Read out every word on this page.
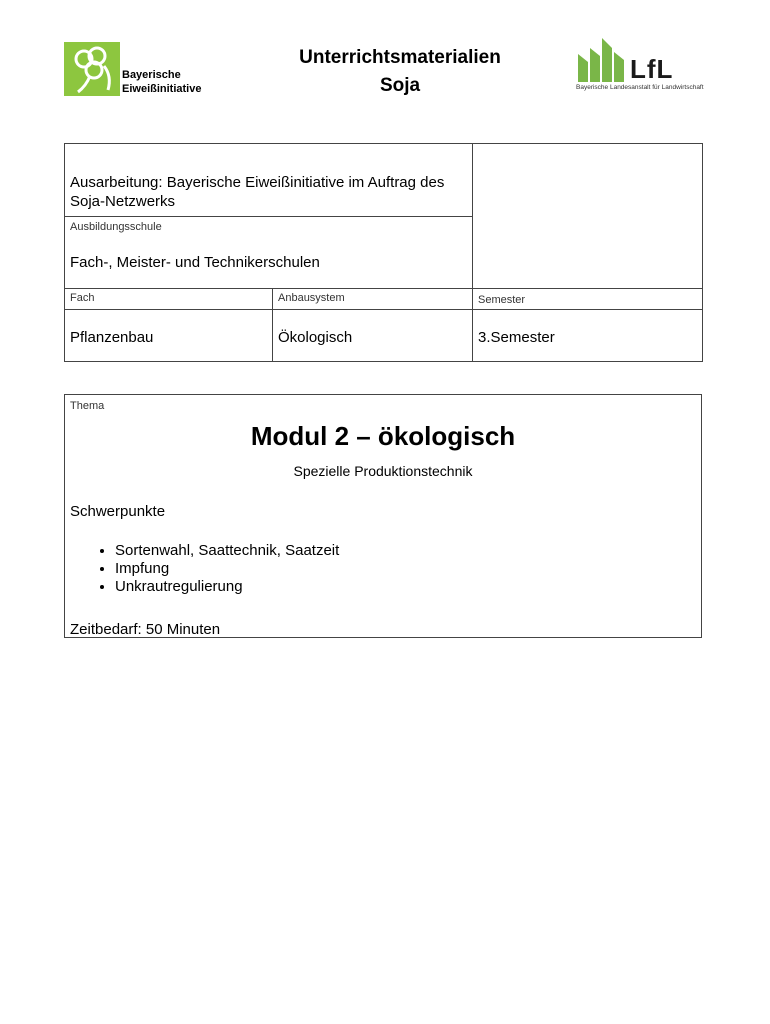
Bayerische
Eiweißinitiative
Unterrichtsmaterialien
Soja
LfL
Bayerische Landesanstalt für Landwirtschaft
Ausarbeitung: Bayerische Eiweißinitiative im Auftrag des Soja-Netzwerks		

Ausbildungsschule
Fach-, Meister- und Technikerschulen		

Fach	Anbausystem	Semester

Pflanzenbau	Ökologisch	3.Semester
Thema
Modul 2 – ökologisch
Spezielle Produktionstechnik
Schwerpunkte
• Sortenwahl, Saattechnik, Saatzeit
• Impfung
• Unkrautregulierung
Zeitbedarf: 50 Minuten
